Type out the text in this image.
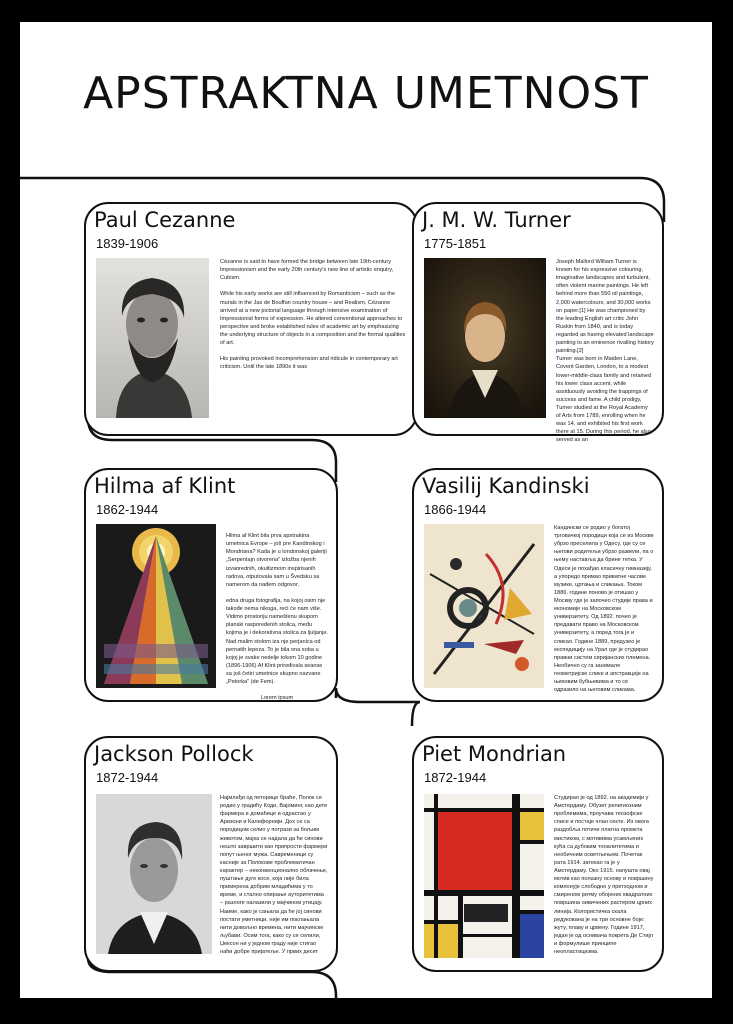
APSTRAKTNA UMETNOST
Paul Cezanne
1839-1906
Cézanne is said to have formed the bridge between late 19th-century Impressionism and the early 20th century's new line of artistic enquiry, Cubism.

While his early works are still influenced by Romanticism – such as the murals in the Jas de Bouffan country house – and Realism, Cézanne arrived at a new pictorial language through intensive examination of Impressionist forms of expression. He altered conventional approaches to perspective and broke established rules of academic art by emphasizing the underlying structure of objects in a composition and the formal qualities of art.

His painting provoked incomprehension and ridicule in contemporary art criticism. Until the late 1890s it was
J. M. W. Turner
1775-1851
Joseph Mallord William Turner is known for his expressive colouring, imaginative landscapes and turbulent, often violent marine paintings. He left behind more than 550 oil paintings, 2,000 watercolours, and 30,000 works on paper.[1] He was championed by the leading English art critic John Ruskin from 1840, and is today regarded as having elevated landscape painting to an eminence rivalling history painting.[2]
Turner was born in Maiden Lane, Covent Garden, London, to a modest lower-middle-class family and retained his lower class accent, while assiduously avoiding the trappings of success and fame. A child prodigy, Turner studied at the Royal Academy of Arts from 1789, enrolling when he was 14, and exhibited his first work there at 15. During this period, he also served as an
Hilma af Klint
1862-1944

Hilma af Klint bila prva apstraktna umetnica Evrope – još pre Kandinskog i Mondriana? Kada je u londonskoj galeriji „Serpentajn otvorena" izložba njenih izvanrednih, okultizmom inspirisanih radova, otputovala sam u Švedsku sa namerom da nađem odgovor.

edna druga fotografija, na kojoj osim nje takođe nema nikoga, reći će nam više. Vidimo prostoriju nameštenu skupom planski raspoređenih stolica, među kojima je i dekorativna stolica za ljuljanje. Nad malim stolom iza nje perjanica od pernatih lepeza. To je bila ona soba u kojoj je svake nedelje tokom 10 godine (1896-1906) Af Klint priređivala seanse sa još četiri umetnice skupno nazvane „Petorka" (de Fem).

Lorem ipsum

Vasilij Kandinski
1866-1944
Кандински се родио у богатој трговачкој породици која се из Москве убрзо преселила у Одесу, где су се његови родитељи убрзо развели, па о њему наставља да брине тетка. У Одеси је похађао класичну гимназију, а упоредо примао приватне часове музике, цртања и сликања. Током 1886. године поново је отишао у Москву где је започео студије права и економије на Московском универзитету. Од 1892. почео је предавати право на Московском универзитету, а поред тога је и сликао. Године 1889, предузео је експедицију на Урал где је студирао правни систем сиријанских племена. Необично су га занимале геометријске слике и апстракције на њиховим бубњевима и то се одразило на његовим сликама.
Jackson Pollock
1872-1944
Најмлађи од петорице браће, Полок се родио у градићу Коди, Вајоминг, као дете фармера и домаћице и одрастао у Аризони и Калифорнији. Дох се са породицом селио у потрази за бољим животом, мајка се надала да ће синови нешто завршити као припрости фармери попут њеног мужа. Савременици су касније за Полокове проблематичан карактер – неконвенционално облачење, пуштање дуге косе, која није била примерена добрим младићима у то време, и стално опирање ауторитетима – разлоге налазили у мајчином утицају. Наиме, како је сањала да ће јој синови постати уметници, није им поклањала нити довољно времена, нити мајчинске љубави. Осим тога, како су се селили, Џексон ни у једном граду није стигао наћи добре пријатеље. У првих десет
Piet Mondrian
1872-1944
Студирао је од 1892. на академији у Амстердаму. Обузет религиозним проблемима, проучава теозофске списе и постаје члан секте. Из овога раздобља потиче платна промета мистиком, с мотивима усамљених кућа са дубоким тоналитетима и необичним осветљењем. Почетак рата 1914. затекао га је у Амстердаму. Око 1915. напушта овај мотив као полазну основу и површину компонује слободно у претходном и смиреном ритму обојених квадратних површина оивичених растером црних линија. Колористичка скала редукована је на три основне боје: жуту, плаву и црвену. Године 1917, један је од оснивача покрета Де Стијл и формулише принципе неопластицизма.
